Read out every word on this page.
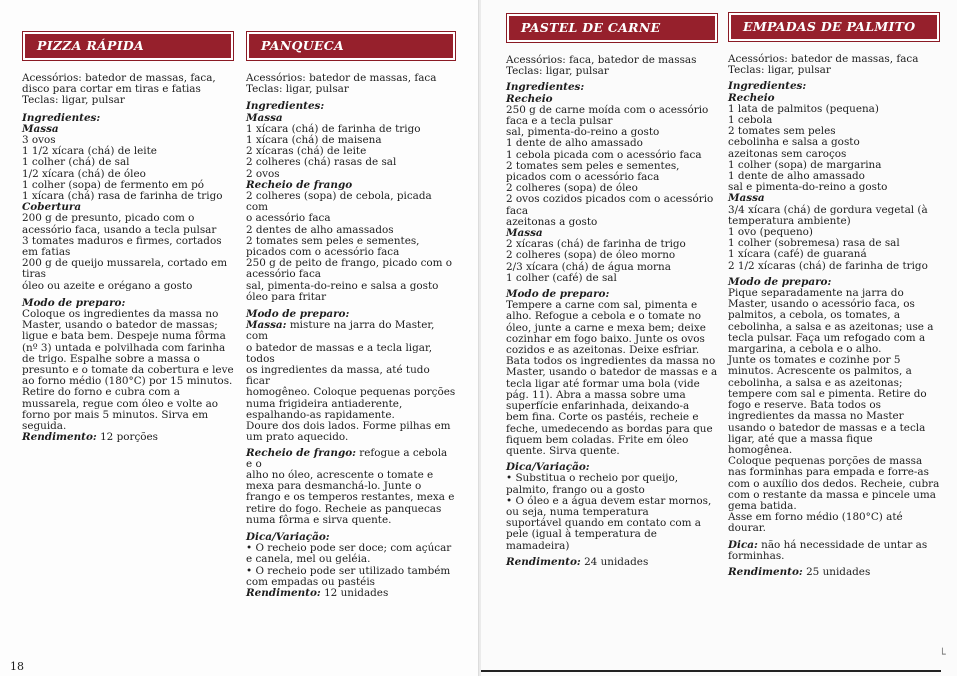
PIZZA RÁPIDA

Acessórios: batedor de massas, faca,
disco para cortar em tiras e fatias
Teclas: ligar, pulsar

Ingredientes:

Massa

3 ovos

1 1/2 xícara (chá) de leite

1 colher (chá) de sal

1/2 xícara (chá) de óleo

1 colher (sopa) de fermento em pó

1 xícara (chá) rasa de farinha de trigo

Cobertura

200 g de presunto, picado com o
acessório faca, usando a tecla pulsar

3 tomates maduros e firmes, cortados
em fatias

200 g de queijo mussarela, cortado em
tiras

óleo ou azeite e orégano a gosto

Modo de preparo:

Coloque os ingredientes da massa no
Master, usando o batedor de massas;
ligue e bata bem. Despeje numa fôrma
(nº 3) untada e polvilhada com farinha
de trigo. Espalhe sobre a massa o
presunto e o tomate da cobertura e leve
ao forno médio (180°C) por 15 minutos.
Retire do forno e cubra com a
mussarela, regue com óleo e volte ao
forno por mais 5 minutos. Sirva em
seguida.

Rendimento: 12 porções

PANQUECA

Acessórios: batedor de massas, faca
Teclas: ligar, pulsar

Ingredientes:

Massa

1 xícara (chá) de farinha de trigo

1 xícara (chá) de maisena

2 xícaras (chá) de leite

2 colheres (chá) rasas de sal

2 ovos

Recheio de frango

2 colheres (sopa) de cebola, picada com
o acessório faca

2 dentes de alho amassados

2 tomates sem peles e sementes,
picados com o acessório faca

250 g de peito de frango, picado com o
acessório faca

sal, pimenta-do-reino e salsa a gosto

óleo para fritar

Modo de preparo:

Massa: misture na jarra do Master, com
o batedor de massas e a tecla ligar, todos
os ingredientes da massa, até tudo ficar
homogêneo. Coloque pequenas porções
numa frigideira antiaderente,
espalhando-as rapidamente.
Doure dos dois lados. Forme pilhas em
um prato aquecido.

Recheio de frango: refogue a cebola e o
alho no óleo, acrescente o tomate e
mexa para desmanchá-lo. Junte o
frango e os temperos restantes, mexa e
retire do fogo. Recheie as panquecas
numa fôrma e sirva quente.

Dica/Variação:

• O recheio pode ser doce; com açúcar
e canela, mel ou geléia.

• O recheio pode ser utilizado também
com empadas ou pastéis

Rendimento: 12 unidades

18
PASTEL DE CARNE

Acessórios: faca, batedor de massas
Teclas: ligar, pulsar

Ingredientes:

Recheio

250 g de carne moída com o acessório
faca e a tecla pulsar

sal, pimenta-do-reino a gosto

1 dente de alho amassado

1 cebola picada com o acessório faca

2 tomates sem peles e sementes,
picados com o acessório faca

2 colheres (sopa) de óleo

2 ovos cozidos picados com o acessório
faca

azeitonas a gosto

Massa

2 xícaras (chá) de farinha de trigo

2 colheres (sopa) de óleo morno

2/3 xícara (chá) de água morna

1 colher (café) de sal

Modo de preparo:

Tempere a carne com sal, pimenta e
alho. Refogue a cebola e o tomate no
óleo, junte a carne e mexa bem; deixe
cozinhar em fogo baixo. Junte os ovos
cozidos e as azeitonas. Deixe esfriar.
Bata todos os ingredientes da massa no
Master, usando o batedor de massas e a
tecla ligar até formar uma bola (vide
pág. 11). Abra a massa sobre uma
superfície enfarinhada, deixando-a
bem fina. Corte os pastéis, recheie e
feche, umedecendo as bordas para que
fiquem bem coladas. Frite em óleo
quente. Sirva quente.

Dica/Variação:

• Substitua o recheio por queijo,
palmito, frango ou a gosto

• O óleo e a água devem estar mornos,
ou seja, numa temperatura
suportável quando em contato com a
pele (igual à temperatura de
mamadeira)

Rendimento: 24 unidades

EMPADAS DE PALMITO

Acessórios: batedor de massas, faca
Teclas: ligar, pulsar

Ingredientes:

Recheio

1 lata de palmitos (pequena)

1 cebola

2 tomates sem peles

cebolinha e salsa a gosto

azeitonas sem caroços

1 colher (sopa) de margarina

1 dente de alho amassado

sal e pimenta-do-reino a gosto

Massa

3/4 xícara (chá) de gordura vegetal (à
temperatura ambiente)

1 ovo (pequeno)

1 colher (sobremesa) rasa de sal

1 xícara (café) de guaraná

2 1/2 xícaras (chá) de farinha de trigo

Modo de preparo:

Pique separadamente na jarra do
Master, usando o acessório faca, os
palmitos, a cebola, os tomates, a
cebolinha, a salsa e as azeitonas; use a
tecla pulsar. Faça um refogado com a
margarina, a cebola e o alho.
Junte os tomates e cozinhe por 5
minutos. Acrescente os palmitos, a
cebolinha, a salsa e as azeitonas;
tempere com sal e pimenta. Retire do
fogo e reserve. Bata todos os
ingredientes da massa no Master
usando o batedor de massas e a tecla
ligar, até que a massa fique
homogênea.
Coloque pequenas porções de massa
nas forminhas para empada e forre-as
com o auxílio dos dedos. Recheie, cubra
com o restante da massa e pincele uma
gema batida.
Asse em forno médio (180°C) até
dourar.

Dica: não há necessidade de untar as
forminhas.

Rendimento: 25 unidades

└
